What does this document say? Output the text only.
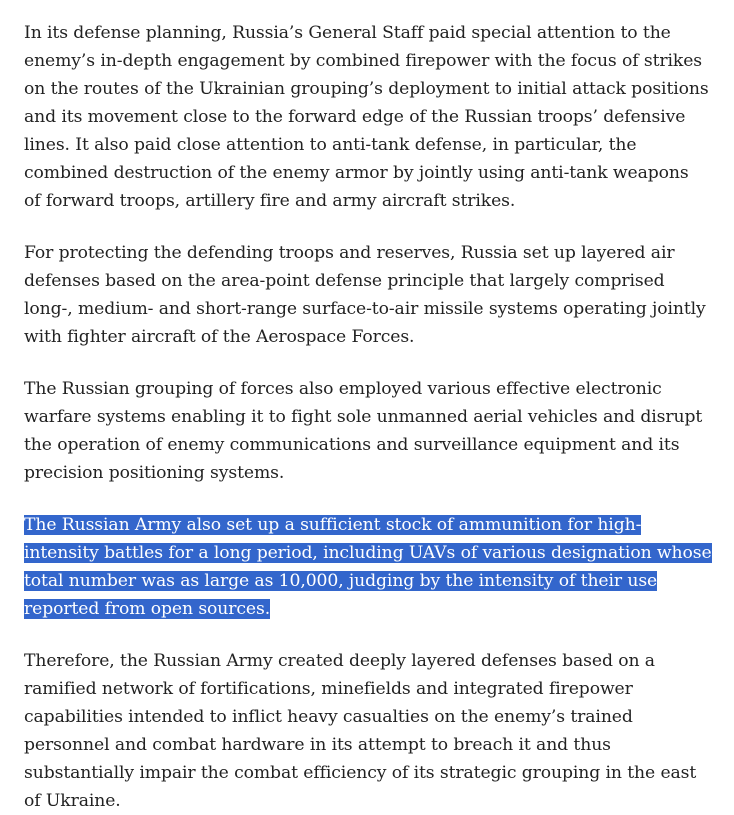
In its defense planning, Russia’s General Staff paid special attention to the
enemy’s in-depth engagement by combined firepower with the focus of strikes
on the routes of the Ukrainian grouping’s deployment to initial attack positions
and its movement close to the forward edge of the Russian troops’ defensive
lines. It also paid close attention to anti-tank defense, in particular, the
combined destruction of the enemy armor by jointly using anti-tank weapons
of forward troops, artillery fire and army aircraft strikes.

For protecting the defending troops and reserves, Russia set up layered air
defenses based on the area-point defense principle that largely comprised
long-, medium- and short-range surface-to-air missile systems operating jointly
with fighter aircraft of the Aerospace Forces.

The Russian grouping of forces also employed various effective electronic
warfare systems enabling it to fight sole unmanned aerial vehicles and disrupt
the operation of enemy communications and surveillance equipment and its
precision positioning systems.

The Russian Army also set up a sufficient stock of ammunition for high-
intensity battles for a long period, including UAVs of various designation whose
total number was as large as 10,000, judging by the intensity of their use
reported from open sources.

Therefore, the Russian Army created deeply layered defenses based on a
ramified network of fortifications, minefields and integrated firepower
capabilities intended to inflict heavy casualties on the enemy’s trained
personnel and combat hardware in its attempt to breach it and thus
substantially impair the combat efficiency of its strategic grouping in the east
of Ukraine.
